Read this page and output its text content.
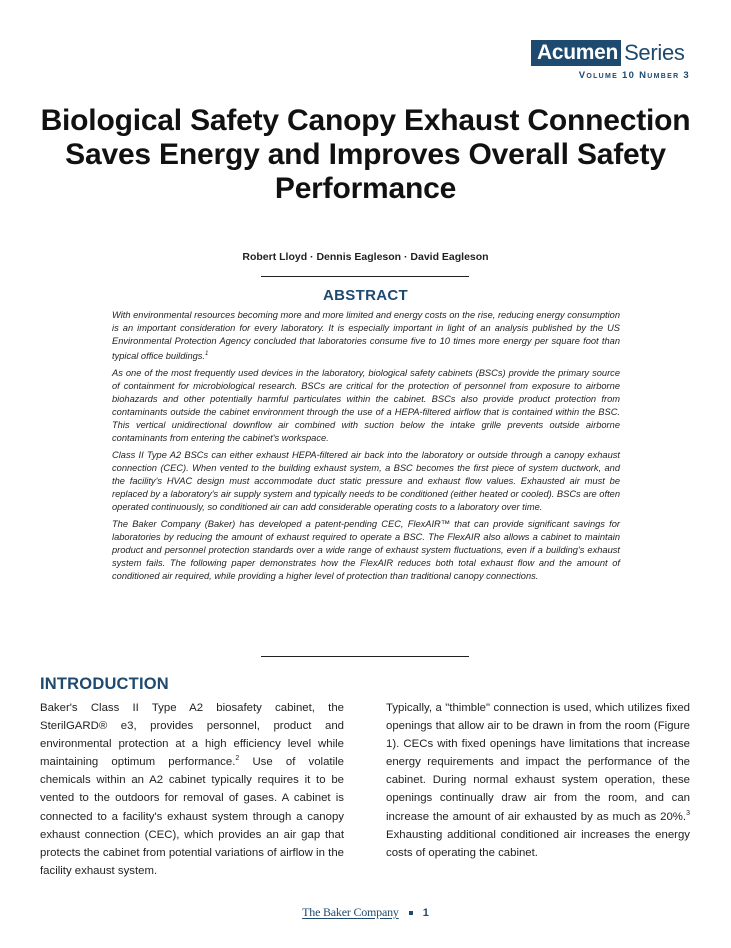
Acumen Series
Volume 10 Number 3
Biological Safety Canopy Exhaust Connection Saves Energy and Improves Overall Safety Performance
Robert Lloyd · Dennis Eagleson · David Eagleson
ABSTRACT

With environmental resources becoming more and more limited and energy costs on the rise, reducing energy consumption is an important consideration for every laboratory. It is especially important in light of an analysis published by the US Environmental Protection Agency concluded that laboratories consume five to 10 times more energy per square foot than typical office buildings.$^1$

As one of the most frequently used devices in the laboratory, biological safety cabinets (BSCs) provide the primary source of containment for microbiological research. BSCs are critical for the protection of personnel from exposure to airborne biohazards and other potentially harmful particulates within the cabinet. BSCs also provide product protection from contaminants outside the cabinet environment through the use of a HEPA-filtered airflow that is contained within the BSC. This vertical unidirectional downflow air combined with suction below the intake grille prevents outside airborne contaminants from entering the cabinet's workspace.

Class II Type A2 BSCs can either exhaust HEPA-filtered air back into the laboratory or outside through a canopy exhaust connection (CEC). When vented to the building exhaust system, a BSC becomes the first piece of system ductwork, and the facility's HVAC design must accommodate duct static pressure and exhaust flow values. Exhausted air must be replaced by a laboratory's air supply system and typically needs to be conditioned (either heated or cooled). BSCs are often operated continuously, so conditioned air can add considerable operating costs to a laboratory over time.

The Baker Company (Baker) has developed a patent-pending CEC, FlexAIR™ that can provide significant savings for laboratories by reducing the amount of exhaust required to operate a BSC. The FlexAIR also allows a cabinet to maintain product and personnel protection standards over a wide range of exhaust system fluctuations, even if a building's exhaust system fails. The following paper demonstrates how the FlexAIR reduces both total exhaust flow and the amount of conditioned air required, while providing a higher level of protection than traditional canopy connections.

INTRODUCTION

Baker's Class II Type A2 biosafety cabinet, the SterilGARD® e3, provides personnel, product and environmental protection at a high efficiency level while maintaining optimum performance.$^2$ Use of volatile chemicals within an A2 cabinet typically requires it to be vented to the outdoors for removal of gases. A cabinet is connected to a facility's exhaust system through a canopy exhaust connection (CEC), which provides an air gap that protects the cabinet from potential variations of airflow in the facility exhaust system.

Typically, a "thimble" connection is used, which utilizes fixed openings that allow air to be drawn in from the room (Figure 1). CECs with fixed openings have limitations that increase energy requirements and impact the performance of the cabinet. During normal exhaust system operation, these openings continually draw air from the room, and can increase the amount of air exhausted by as much as 20%.$^3$ Exhausting additional conditioned air increases the energy costs of operating the cabinet.

The Baker Company 1
